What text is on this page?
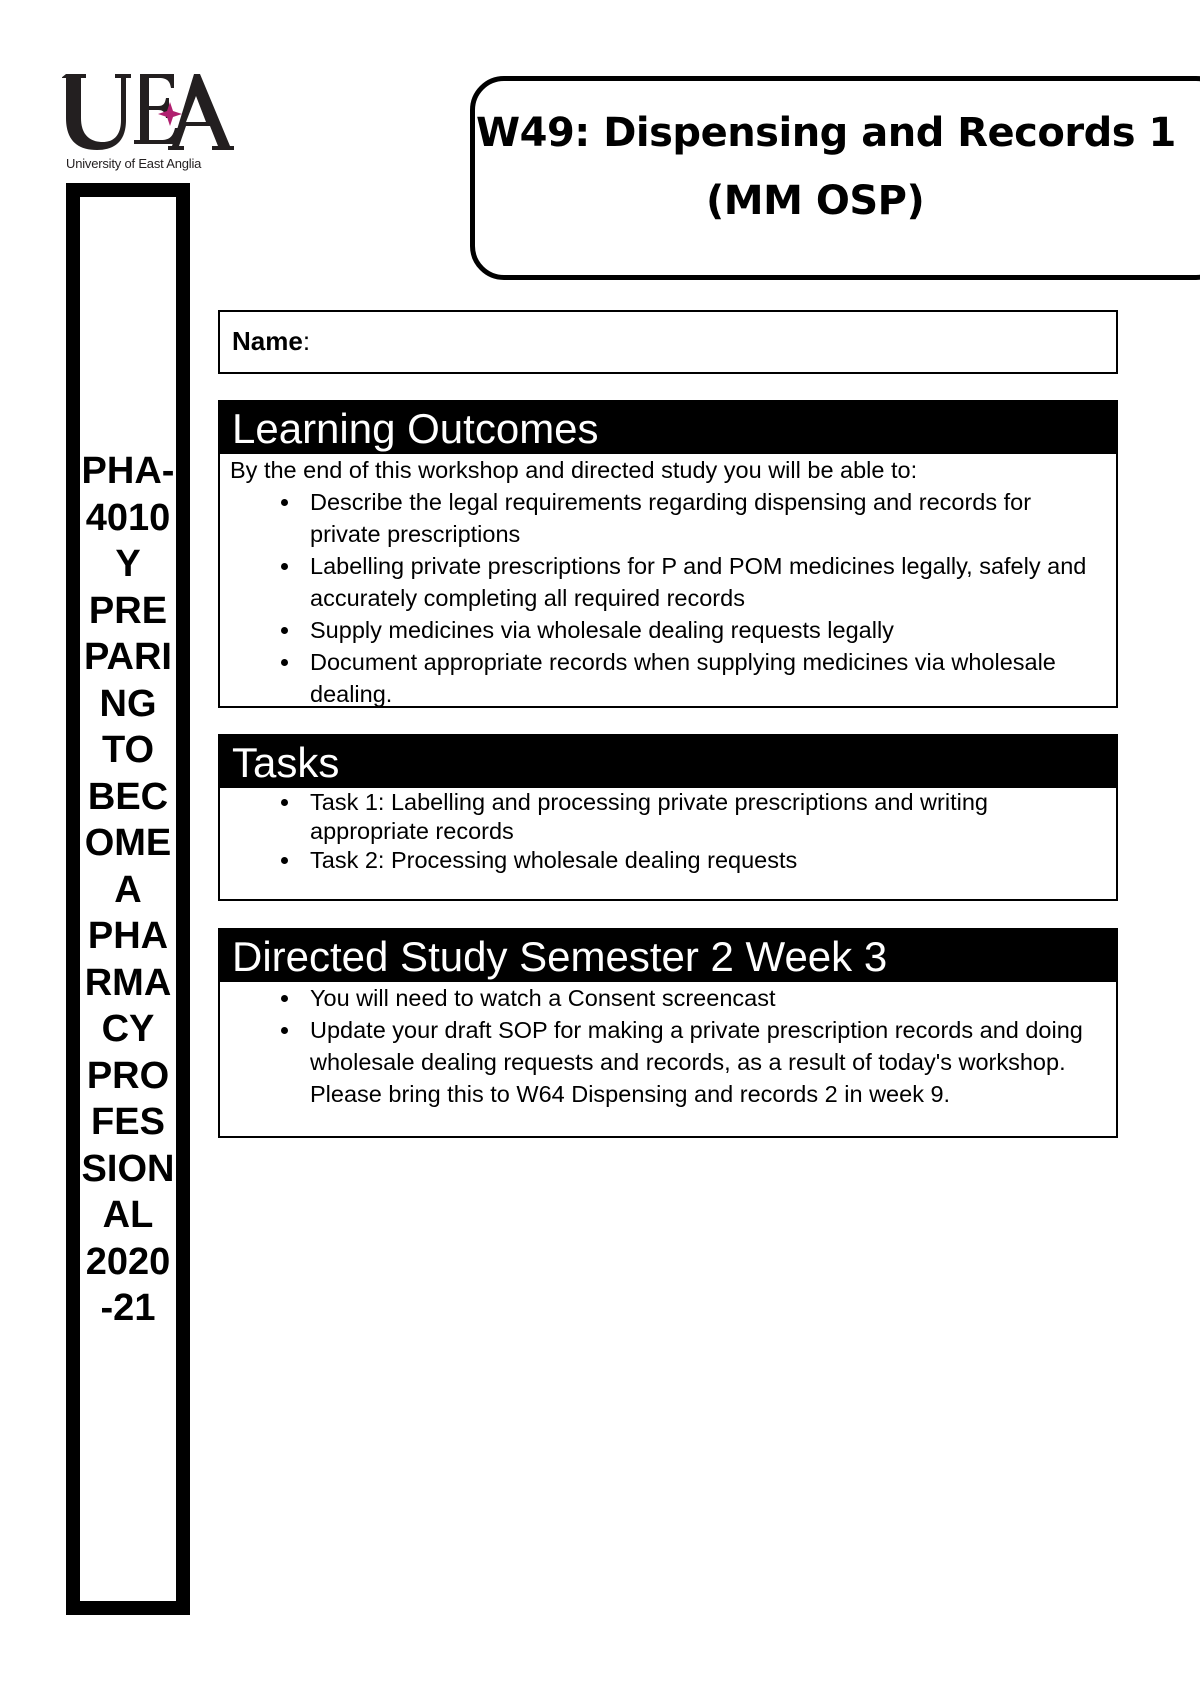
University of East Anglia
PHA-
4010
Y
PRE
PARI
NG
TO
BEC
OME
A
PHA
RMA
CY
PRO
FES
SION
AL
2020
-21
W49: Dispensing and Records 1
(MM OSP)
Name:
Learning Outcomes

By the end of this workshop and directed study you will be able to:

• Describe the legal requirements regarding dispensing and records for private prescriptions
• Labelling private prescriptions for P and POM medicines legally, safely and accurately completing all required records
• Supply medicines via wholesale dealing requests legally
• Document appropriate records when supplying medicines via wholesale dealing.
Tasks
• Task 1: Labelling and processing private prescriptions and writing appropriate records
• Task 2: Processing wholesale dealing requests
Directed Study Semester 2 Week 3
• You will need to watch a Consent screencast
• Update your draft SOP for making a private prescription records and doing wholesale dealing requests and records, as a result of today's workshop. Please bring this to W64 Dispensing and records 2 in week 9.
